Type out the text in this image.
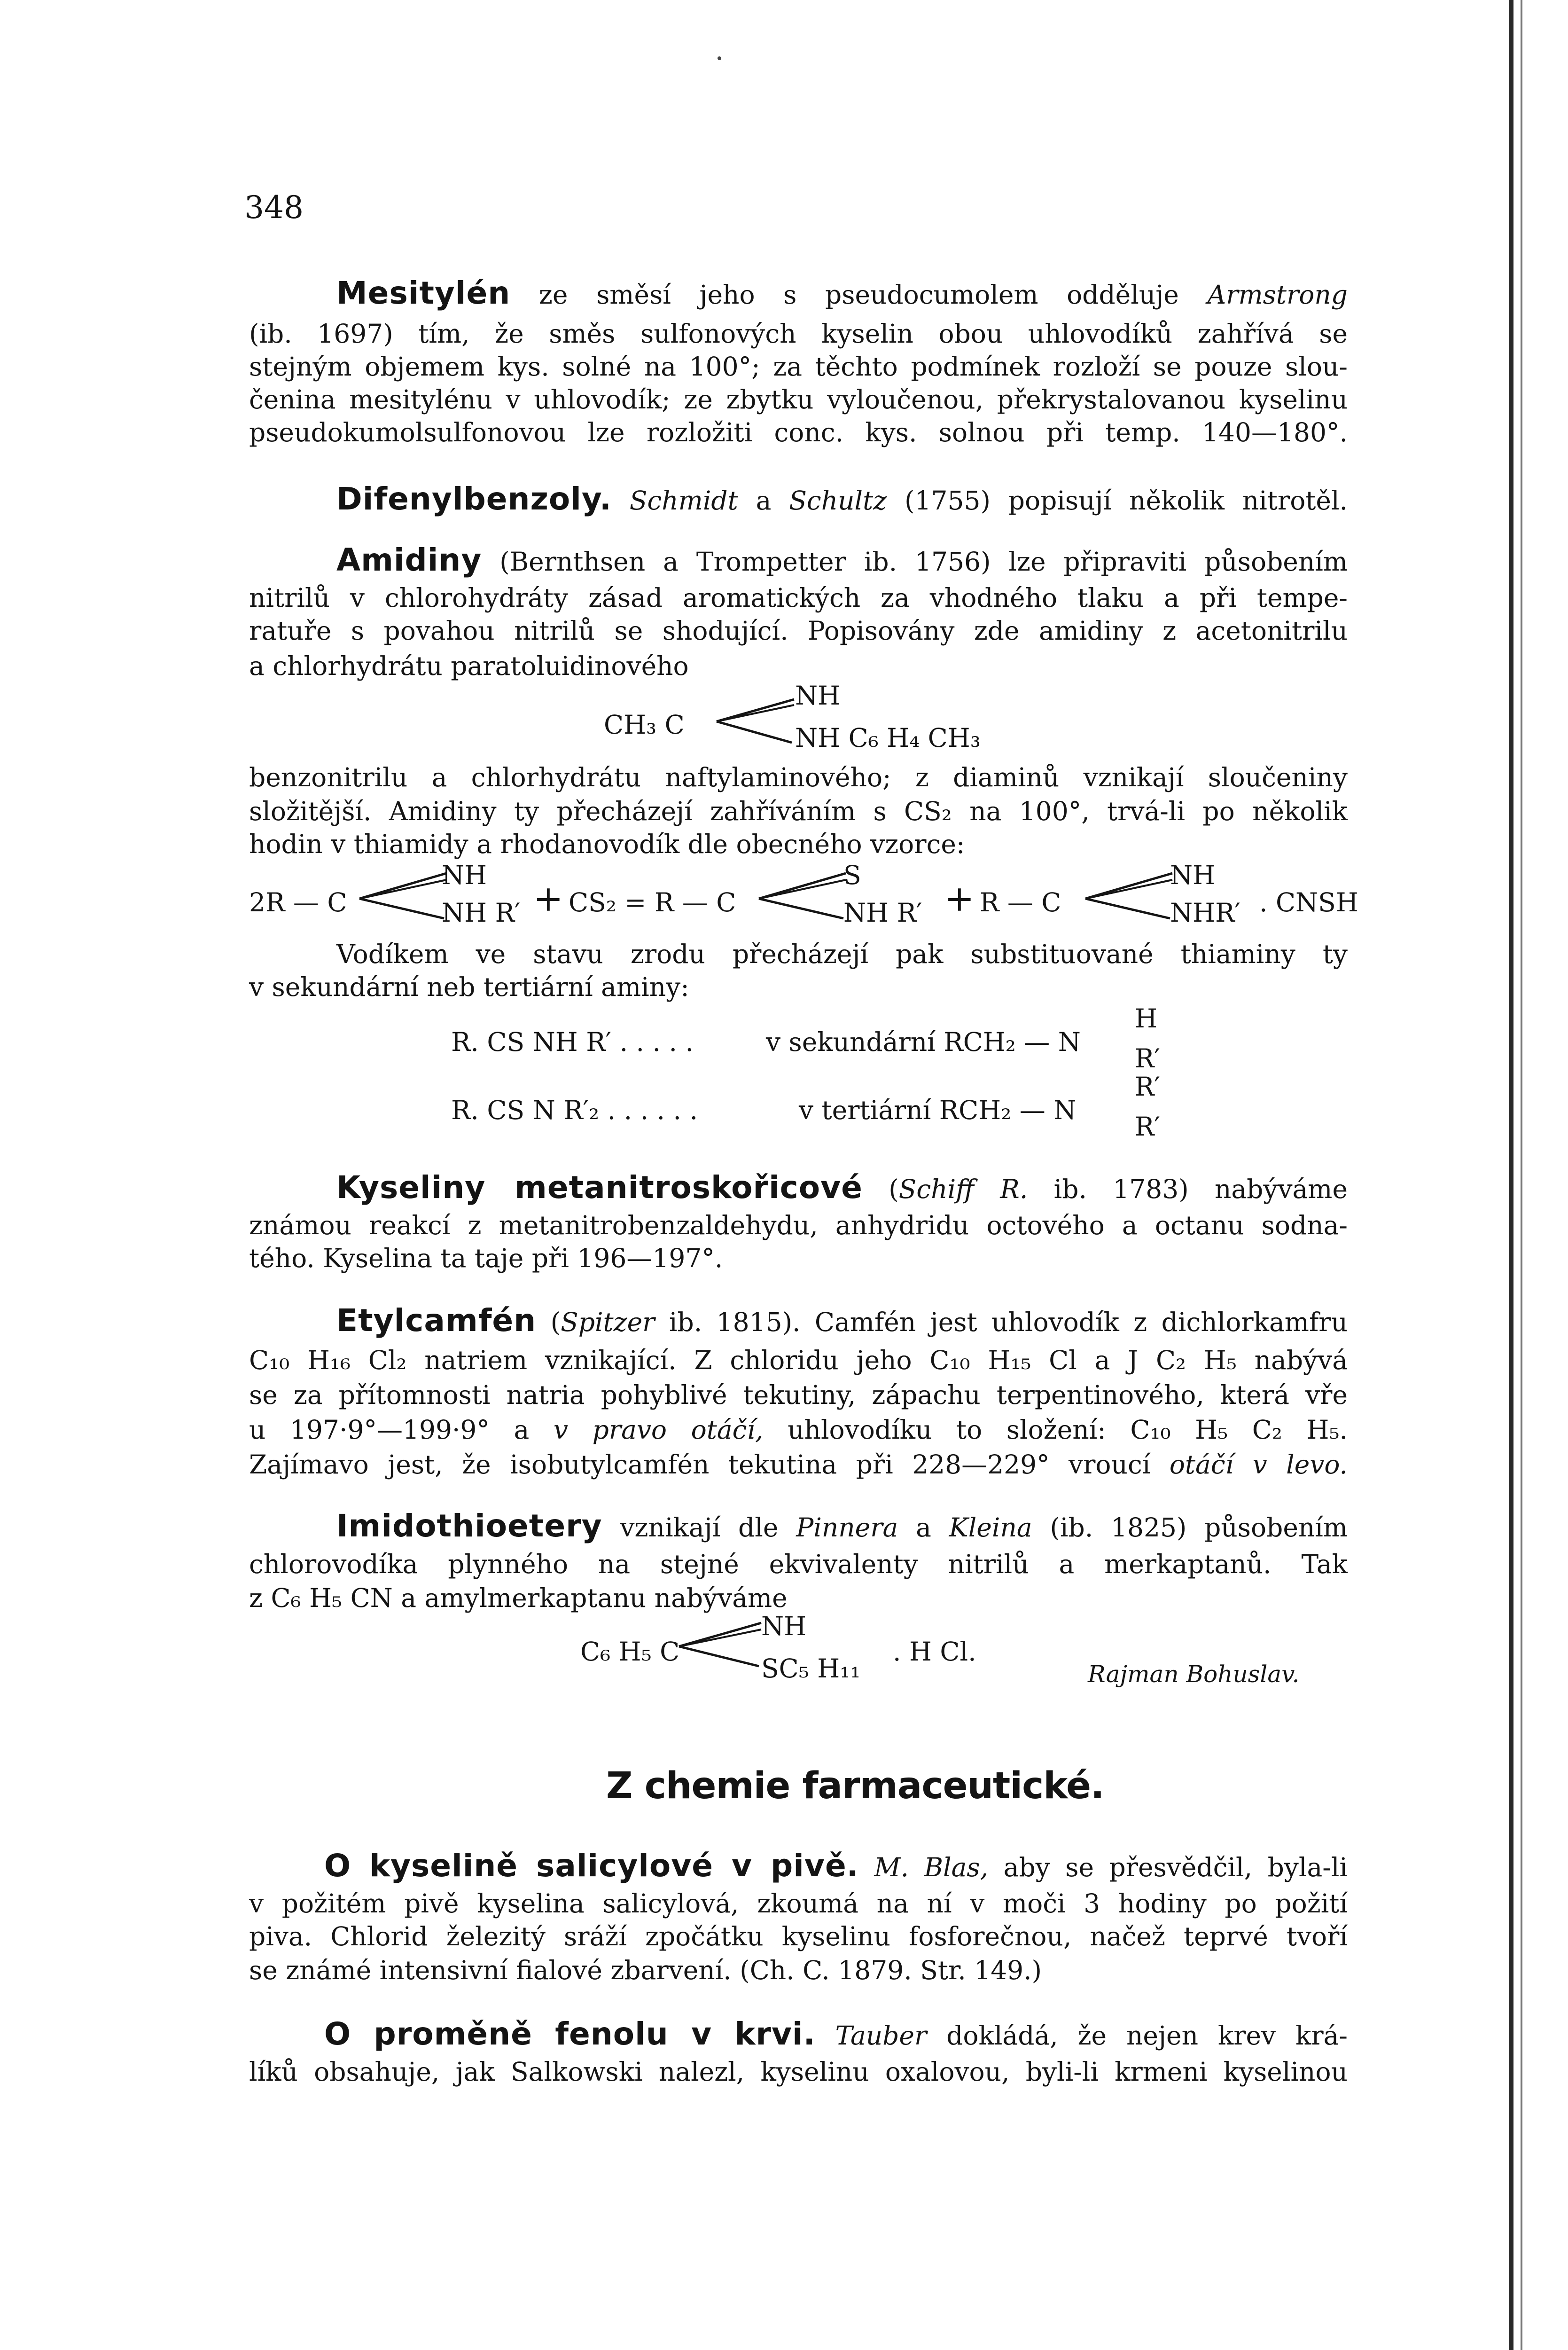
348
Mesitylén ze směsí jeho s pseudocumolem odděluje Armstrong
(ib. 1697) tím, že směs sulfonových kyselin obou uhlovodíků zahřívá se
stejným objemem kys. solné na 100°; za těchto podmínek rozloží se pouze slou-
čenina mesitylénu v uhlovodík; ze zbytku vyloučenou, překrystalovanou kyselinu
pseudokumolsulfonovou lze rozložiti conc. kys. solnou při temp. 140—180°.
Difenylbenzoly. Schmidt a Schultz (1755) popisují několik nitrotěl.
Amidiny (Bernthsen a Trompetter ib. 1756) lze připraviti působením
nitrilů v chlorohydráty zásad aromatických za vhodného tlaku a při tempe-
ratuře s povahou nitrilů se shodující. Popisovány zde amidiny z acetonitrilu
a chlorhydrátu paratoluidinového
CH₃ C
NH
NH C₆ H₄ CH₃
benzonitrilu a chlorhydrátu naftylaminového; z diaminů vznikají sloučeniny
složitější. Amidiny ty přecházejí zahříváním s CS₂ na 100°, trvá-li po několik
hodin v thiamidy a rhodanovodík dle obecného vzorce:
2R — C
NH
NH R′ + CS₂ = R — C
S
NH R′ + R — C
NH
NHR′ . CNSH
Vodíkem ve stavu zrodu přecházejí pak substituované thiaminy ty
v sekundární neb tertiární aminy:
R. CS NH R′ . . . . .	v sekundární RCH₂ — N
H
R′
R. CS N R′₂ . . . . . .	v tertiární RCH₂ — N
R′
R′
Kyseliny metanitroskořicové (Schiff R. ib. 1783) nabýváme
známou reakcí z metanitrobenzaldehydu, anhydridu octového a octanu sodna-
tého. Kyselina ta taje při 196—197°.
Etylcamfén (Spitzer ib. 1815). Camfén jest uhlovodík z dichlorkamfru
C₁₀ H₁₆ Cl₂ natriem vznikající. Z chloridu jeho C₁₀ H₁₅ Cl a J C₂ H₅ nabývá
se za přítomnosti natria pohyblivé tekutiny, zápachu terpentinového, která vře
u 197·9°—199·9° a v pravo otáčí, uhlovodíku to složení: C₁₀ H₅ C₂ H₅.
Zajímavo jest, že isobutylcamfén tekutina při 228—229° vroucí otáčí v levo.
Imidothioetery vznikají dle Pinnera a Kleina (ib. 1825) působením
chlorovodíka plynného na stejné ekvivalenty nitrilů a merkaptanů. Tak
z C₆ H₅ CN a amylmerkaptanu nabýváme
C₆ H₅ C
NH
SC₅ H₁₁
. H Cl.
Rajman Bohuslav.
Z chemie farmaceutické.
O kyselině salicylové v pivě. M. Blas, aby se přesvědčil, byla-li
v požitém pivě kyselina salicylová, zkoumá na ní v moči 3 hodiny po požití
piva. Chlorid železitý sráží zpočátku kyselinu fosforečnou, načež teprvé tvoří
se známé intensivní fialové zbarvení. (Ch. C. 1879. Str. 149.)
O proměně fenolu v krvi. Tauber dokládá, že nejen krev krá-
líků obsahuje, jak Salkowski nalezl, kyselinu oxalovou, byli-li krmeni kyselinou
